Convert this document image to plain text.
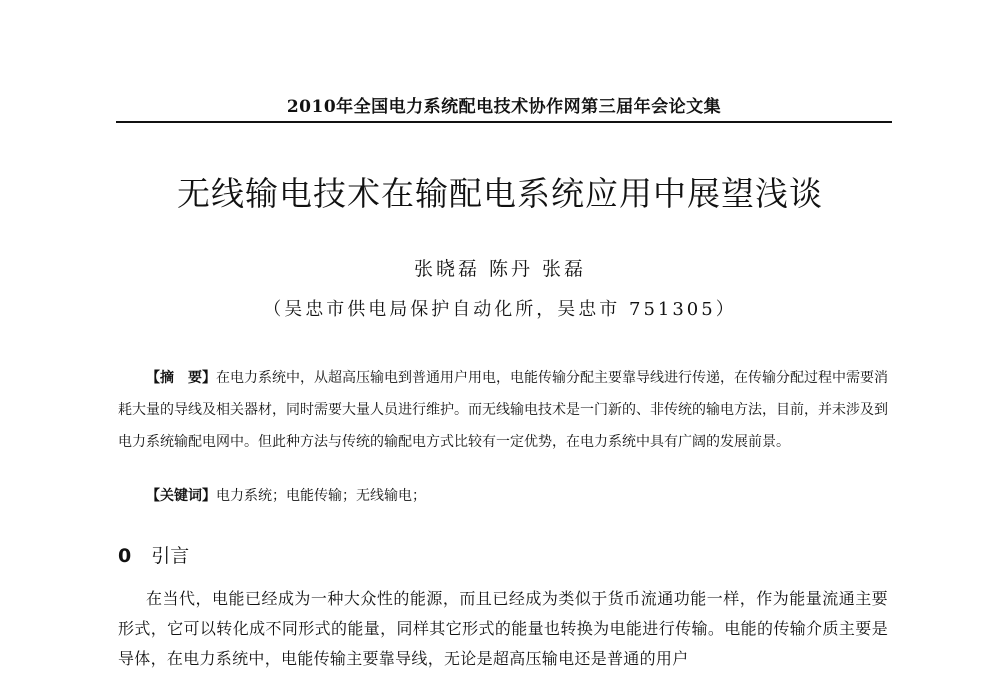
2010年全国电力系统配电技术协作网第三届年会论文集
无线输电技术在输配电系统应用中展望浅谈
张晓磊 陈丹 张磊
（吴忠市供电局保护自动化所，吴忠市 751305）
【摘　要】在电力系统中，从超高压输电到普通用户用电，电能传输分配主要靠导线进行传递，在传输分配过程中需要消耗大量的导线及相关器材，同时需要大量人员进行维护。而无线输电技术是一门新的、非传统的输电方法，目前，并未涉及到电力系统输配电网中。但此种方法与传统的输配电方式比较有一定优势，在电力系统中具有广阔的发展前景。
【关键词】电力系统；电能传输；无线输电；
0 引言
在当代，电能已经成为一种大众性的能源，而且已经成为类似于货币流通功能一样，作为能量流通主要形式，它可以转化成不同形式的能量，同样其它形式的能量也转换为电能进行传输。电能的传输介质主要是导体，在电力系统中，电能传输主要靠导线，无论是超高压输电还是普通的用户
